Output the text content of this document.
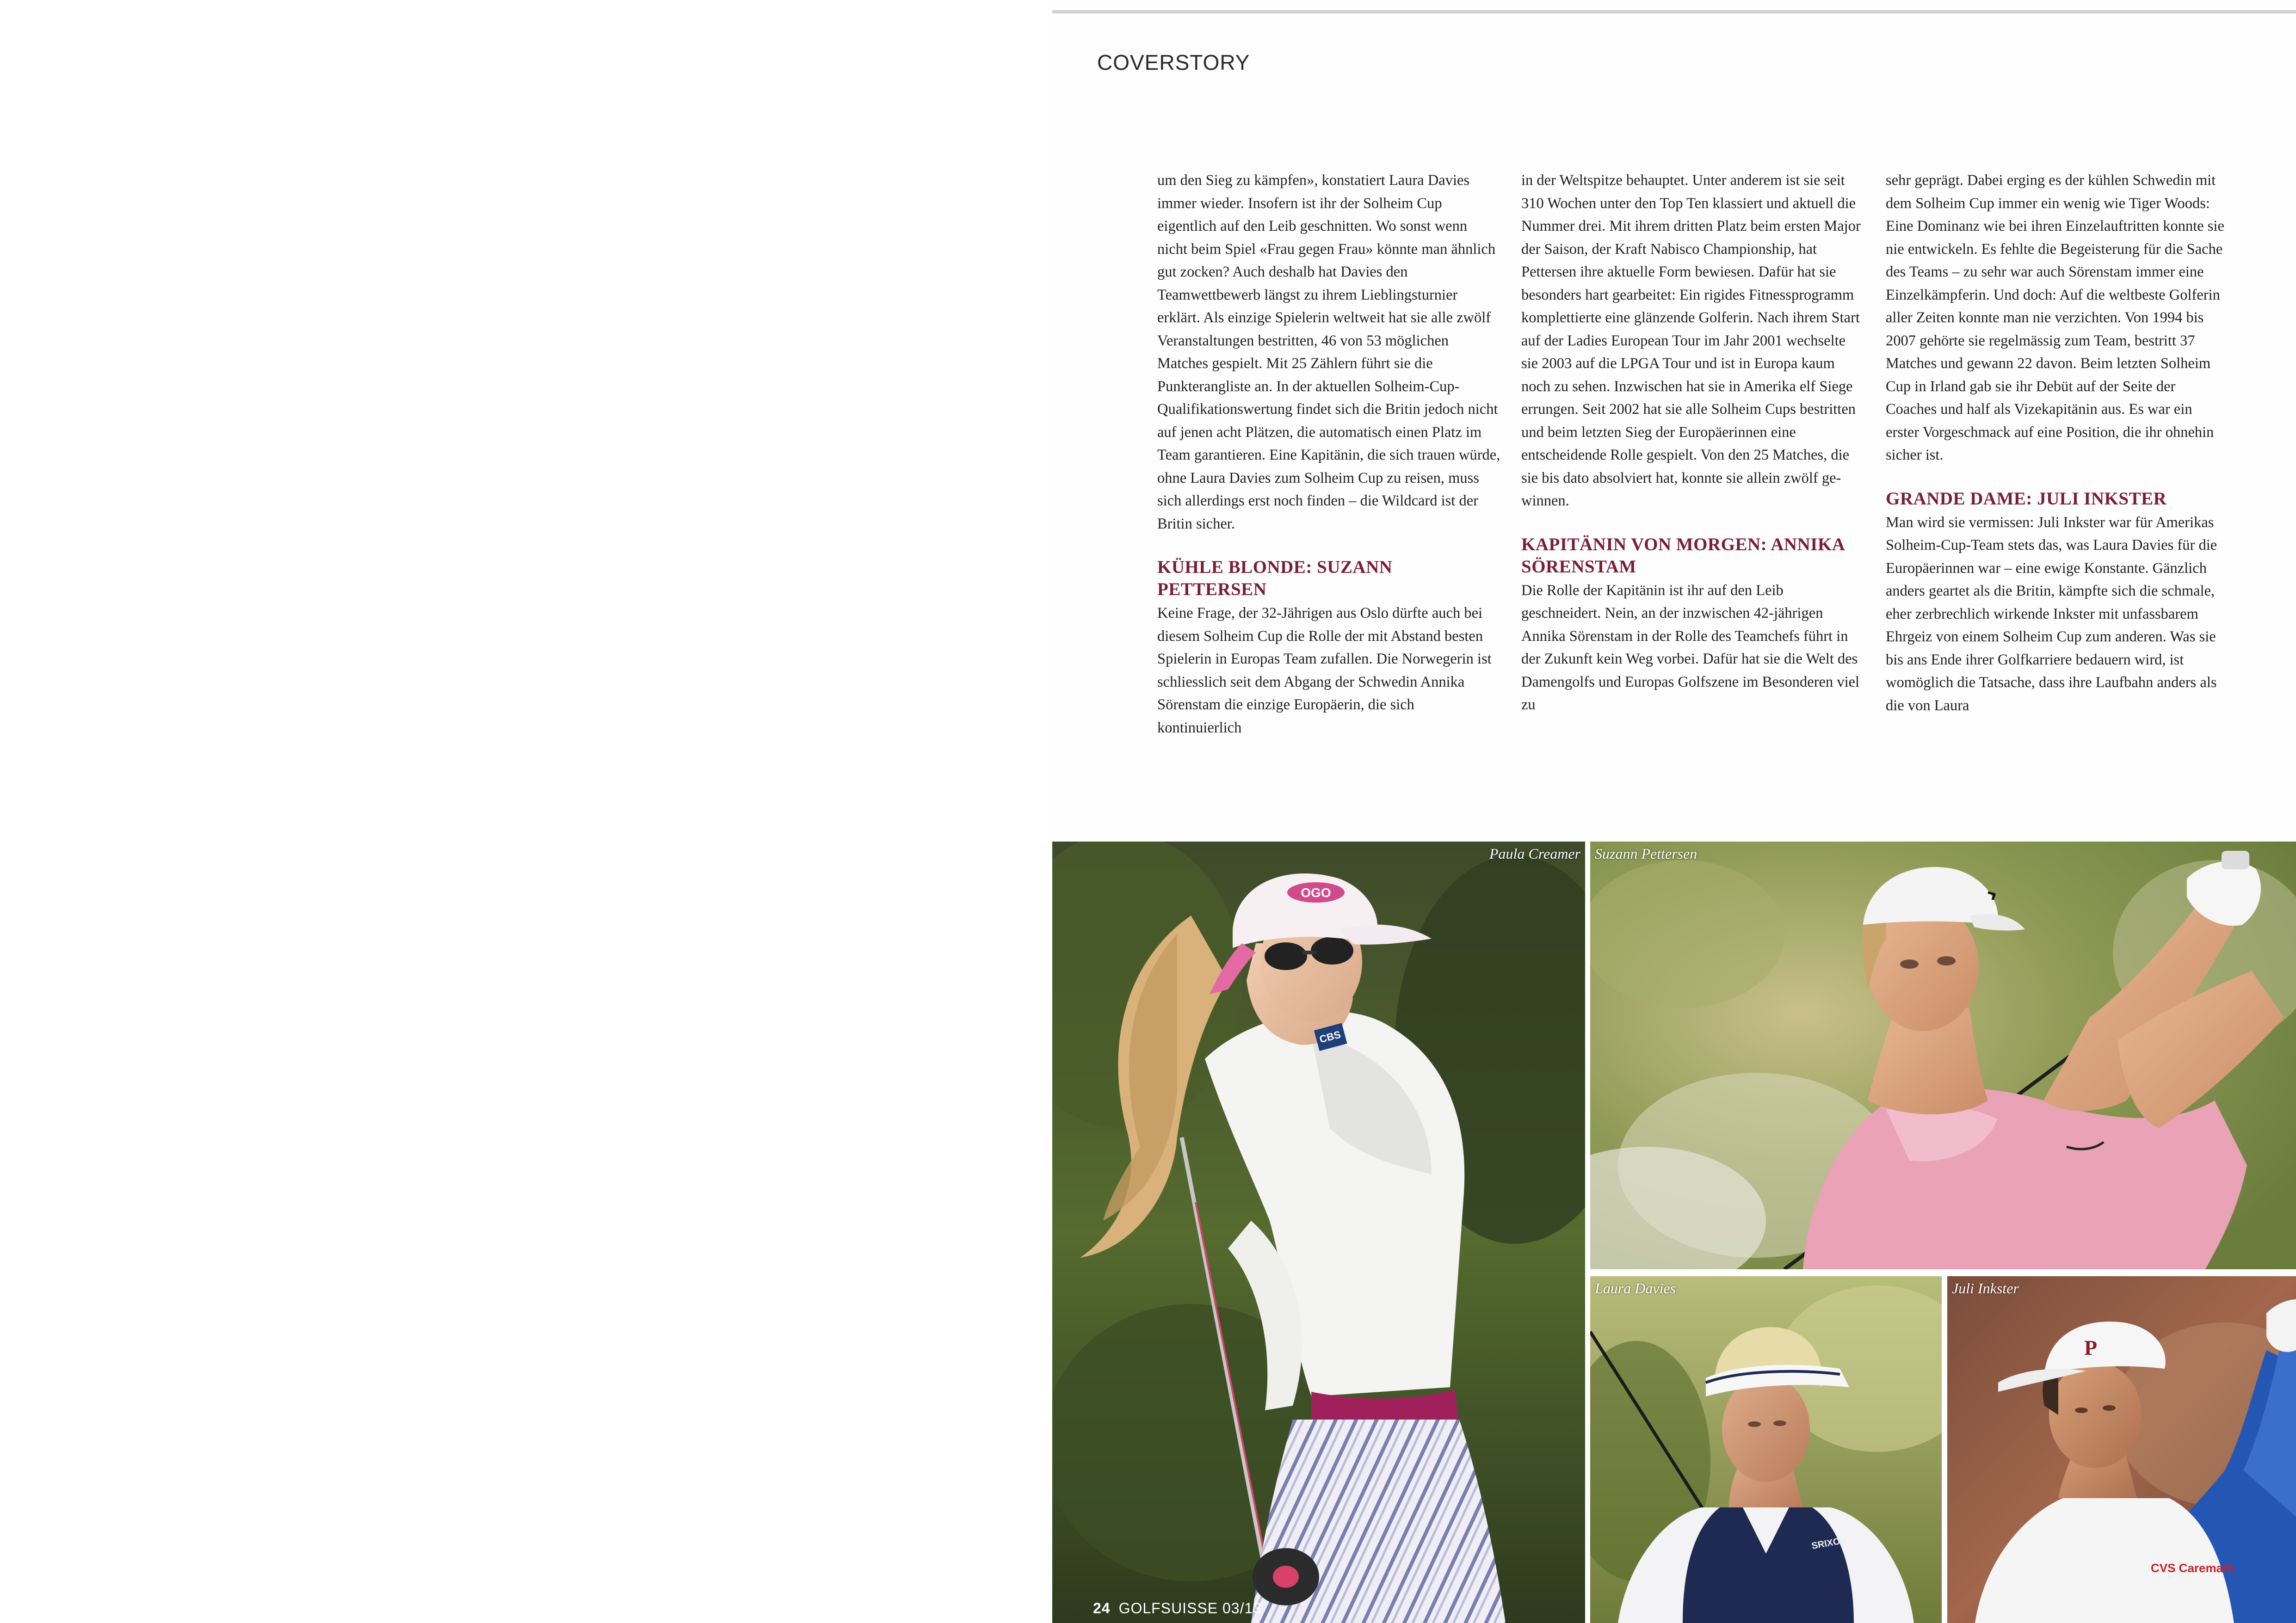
COVERSTORY

um den Sieg zu kämpfen», konstatiert Laura Davies immer wieder. Insofern ist ihr der Solheim Cup eigentlich auf den Leib geschnitten. Wo sonst wenn nicht beim Spiel «Frau gegen Frau» könnte man ähnlich gut zocken? Auch deshalb hat Davies den Teamwettbewerb längst zu ihrem Lieblingsturnier erklärt. Als einzige Spielerin weltweit hat sie alle zwölf Veranstaltungen bestritten, 46 von 53 möglichen Matches gespielt. Mit 25 Zählern führt sie die Punkterangliste an. In der aktuellen Solheim-Cup-Qualifikationswertung findet sich die Britin jedoch nicht auf jenen acht Plätzen, die automatisch einen Platz im Team garantieren. Eine Kapitänin, die sich trauen würde, ohne Laura Davies zum Solheim Cup zu reisen, muss sich allerdings erst noch finden – die Wildcard ist der Britin sicher.

KÜHLE BLONDE: SUZANN PETTERSEN

Keine Frage, der 32-Jährigen aus Oslo dürfte auch bei diesem Solheim Cup die Rolle der mit Abstand besten Spielerin in Europas Team zufallen. Die Norwegerin ist schliesslich seit dem Abgang der Schwedin Annika Sörenstam die einzige Europäerin, die sich kontinuierlich

in der Weltspitze behauptet. Unter anderem ist sie seit 310 Wochen unter den Top Ten klassiert und aktuell die Nummer drei. Mit ihrem dritten Platz beim ersten Major der Saison, der Kraft Nabisco Championship, hat Pettersen ihre aktuelle Form bewiesen. Dafür hat sie besonders hart gearbeitet: Ein rigides Fitnessprogramm komplettierte eine glänzende Golferin. Nach ihrem Start auf der Ladies European Tour im Jahr 2001 wechselte sie 2003 auf die LPGA Tour und ist in Europa kaum noch zu sehen. Inzwischen hat sie in Amerika elf Siege errungen. Seit 2002 hat sie alle Solheim Cups bestritten und beim letzten Sieg der Europäerinnen eine entscheidende Rolle gespielt. Von den 25 Matches, die sie bis dato absolviert hat, konnte sie allein zwölf gewinnen.

KAPITÄNIN VON MORGEN: ANNIKA SÖRENSTAM

Die Rolle der Kapitänin ist ihr auf den Leib geschneidert. Nein, an der inzwischen 42-jährigen Annika Sörenstam in der Rolle des Teamchefs führt in der Zukunft kein Weg vorbei. Dafür hat sie die Welt des Damengolfs und Europas Golfszene im Besonderen viel zu

sehr geprägt. Dabei erging es der kühlen Schwedin mit dem Solheim Cup immer ein wenig wie Tiger Woods: Eine Dominanz wie bei ihren Einzelauftritten konnte sie nie entwickeln. Es fehlte die Begeisterung für die Sache des Teams – zu sehr war auch Sörenstam immer eine Einzelkämpferin. Und doch: Auf die weltbeste Golferin aller Zeiten konnte man nie verzichten. Von 1994 bis 2007 gehörte sie regelmässig zum Team, bestritt 37 Matches und gewann 22 davon. Beim letzten Solheim Cup in Irland gab sie ihr Debüt auf der Seite der Coaches und half als Vizekapitänin aus. Es war ein erster Vorgeschmack auf eine Position, die ihr ohnehin sicher ist.

GRANDE DAME: JULI INKSTER

Man wird sie vermissen: Juli Inkster war für Amerikas Solheim-Cup-Team stets das, was Laura Davies für die Europäerinnen war – eine ewige Konstante. Gänzlich anders geartet als die Britin, kämpfte sich die schmale, eher zerbrechlich wirkende Inkster mit unfassbarem Ehrgeiz von einem Solheim Cup zum anderen. Was sie bis ans Ende ihrer Golfkarriere bedauern wird, ist womöglich die Tatsache, dass ihre Laufbahn anders als die von Laura

OGO
CBS
Paula Creamer Suzann Pettersen
SRIXON
Laura Davies
CVS Caremark
P
Juli Inkster
24 GOLFSUISSE 03/13
